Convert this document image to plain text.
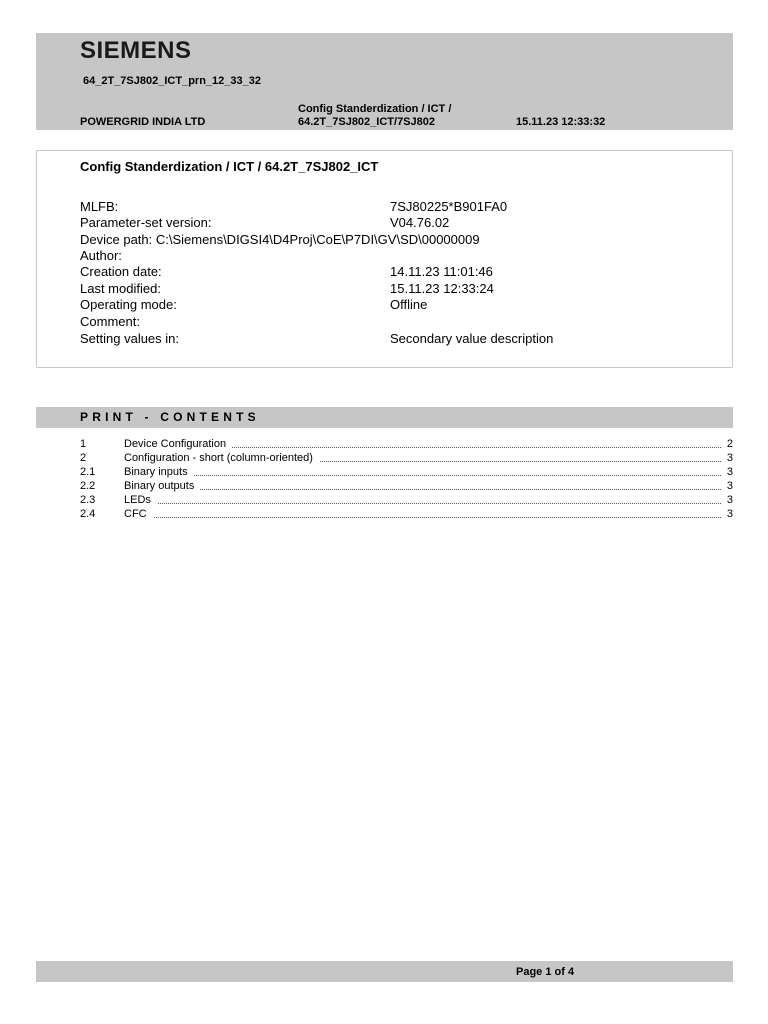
SIEMENS
64_2T_7SJ802_ICT_prn_12_33_32
POWERGRID INDIA LTD
Config Standerdization / ICT /
64.2T_7SJ802_ICT/7SJ802	15.11.23 12:33:32
Config Standerdization / ICT / 64.2T_7SJ802_ICT
MLFB:	7SJ80225*B901FA0
Parameter-set version:	V04.76.02
Device path: C:\Siemens\DIGSI4\D4Proj\CoE\P7DI\GV\SD\00000009
Author:
Creation date:	14.11.23 11:01:46
Last modified:	15.11.23 12:33:24
Operating mode:	Offline
Comment:
Setting values in:	Secondary value description
PRINT - CONTENTS
1	Device Configuration	2
2	Configuration - short (column-oriented)	3
2.1	Binary inputs	3
2.2	Binary outputs	3
2.3	LEDs	3
2.4	CFC	3
Page 1 of 4
